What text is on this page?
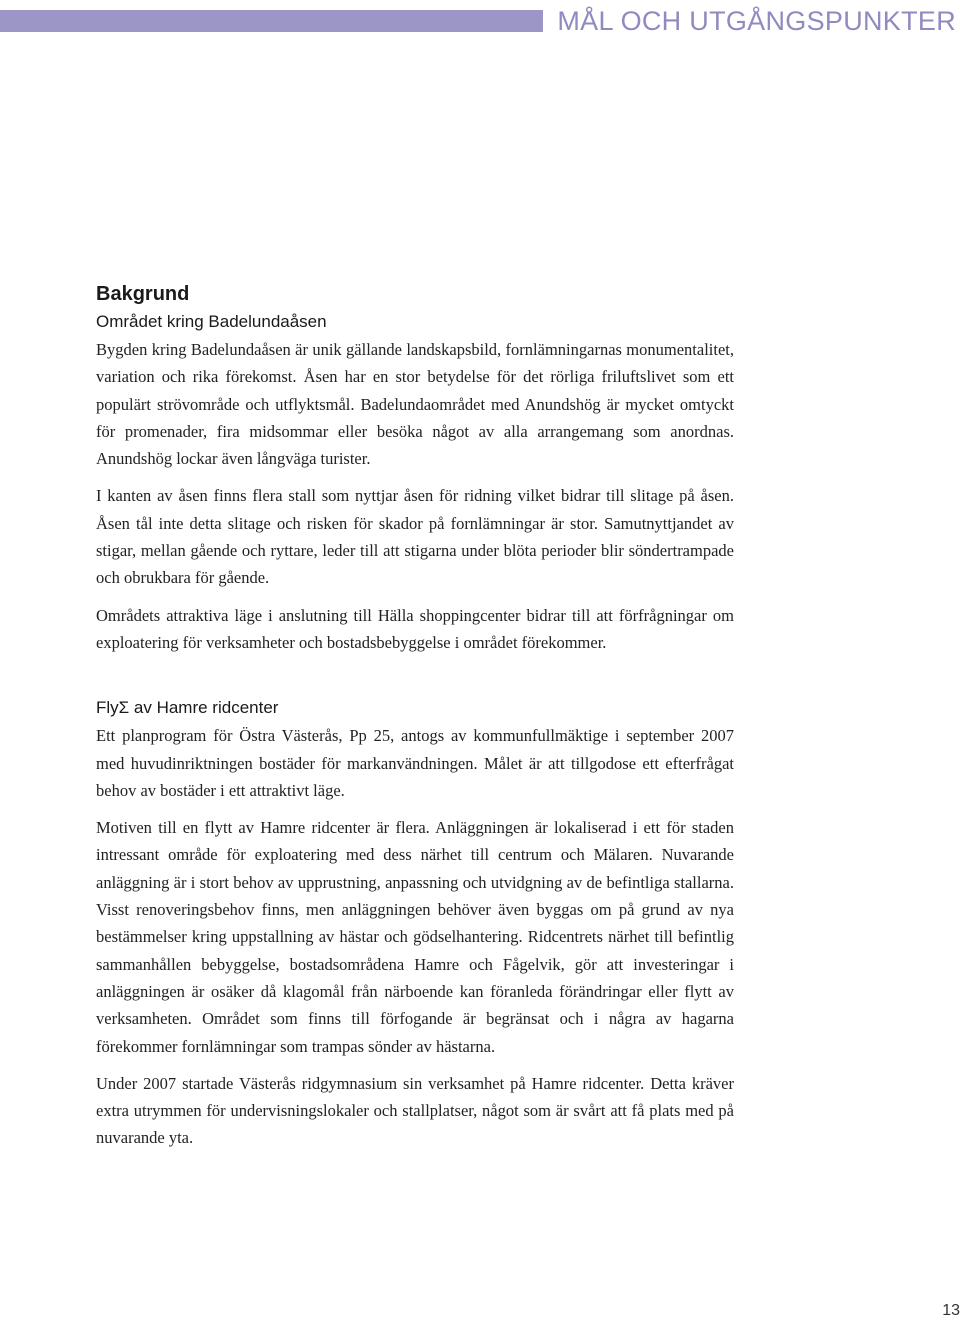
MÅL OCH UTGÅNGSPUNKTER
Bakgrund
Området kring Badelundaåsen

Bygden kring Badelundaåsen är unik gällande landskapsbild, fornlämningarnas monumentalitet, variation och rika förekomst. Åsen har en stor betydelse för det rörliga friluftslivet som ett populärt strövområde och utflyktsmål. Badelundaområdet med Anundshög är mycket omtyckt för promenader, fira midsommar eller besöka något av alla arrangemang som anordnas. Anundshög lockar även långväga turister.

I kanten av åsen finns flera stall som nyttjar åsen för ridning vilket bidrar till slitage på åsen. Åsen tål inte detta slitage och risken för skador på fornlämningar är stor. Samutnyttjandet av stigar, mellan gående och ryttare, leder till att stigarna under blöta perioder blir söndertrampade och obrukbara för gående.

Områdets attraktiva läge i anslutning till Hälla shoppingcenter bidrar till att förfrågningar om exploatering för verksamheter och bostadsbebyggelse i området förekommer.

FlyΣ av Hamre ridcenter

Ett planprogram för Östra Västerås, Pp 25, antogs av kommunfullmäktige i september 2007 med huvudinriktningen bostäder för markanvändningen. Målet är att tillgodose ett efterfrågat behov av bostäder i ett attraktivt läge.

Motiven till en flytt av Hamre ridcenter är flera. Anläggningen är lokaliserad i ett för staden intressant område för exploatering med dess närhet till centrum och Mälaren. Nuvarande anläggning är i stort behov av upprustning, anpassning och utvidgning av de befintliga stallarna. Visst renoveringsbehov finns, men anläggningen behöver även byggas om på grund av nya bestämmelser kring uppstallning av hästar och gödselhantering. Ridcentrets närhet till befintlig sammanhållen bebyggelse, bostadsområdena Hamre och Fågelvik, gör att investeringar i anläggningen är osäker då klagomål från närboende kan föranleda förändringar eller flytt av verksamheten. Området som finns till förfogande är begränsat och i några av hagarna förekommer fornlämningar som trampas sönder av hästarna.

Under 2007 startade Västerås ridgymnasium sin verksamhet på Hamre ridcenter. Detta kräver extra utrymmen för undervisningslokaler och stallplatser, något som är svårt att få plats med på nuvarande yta.

13
